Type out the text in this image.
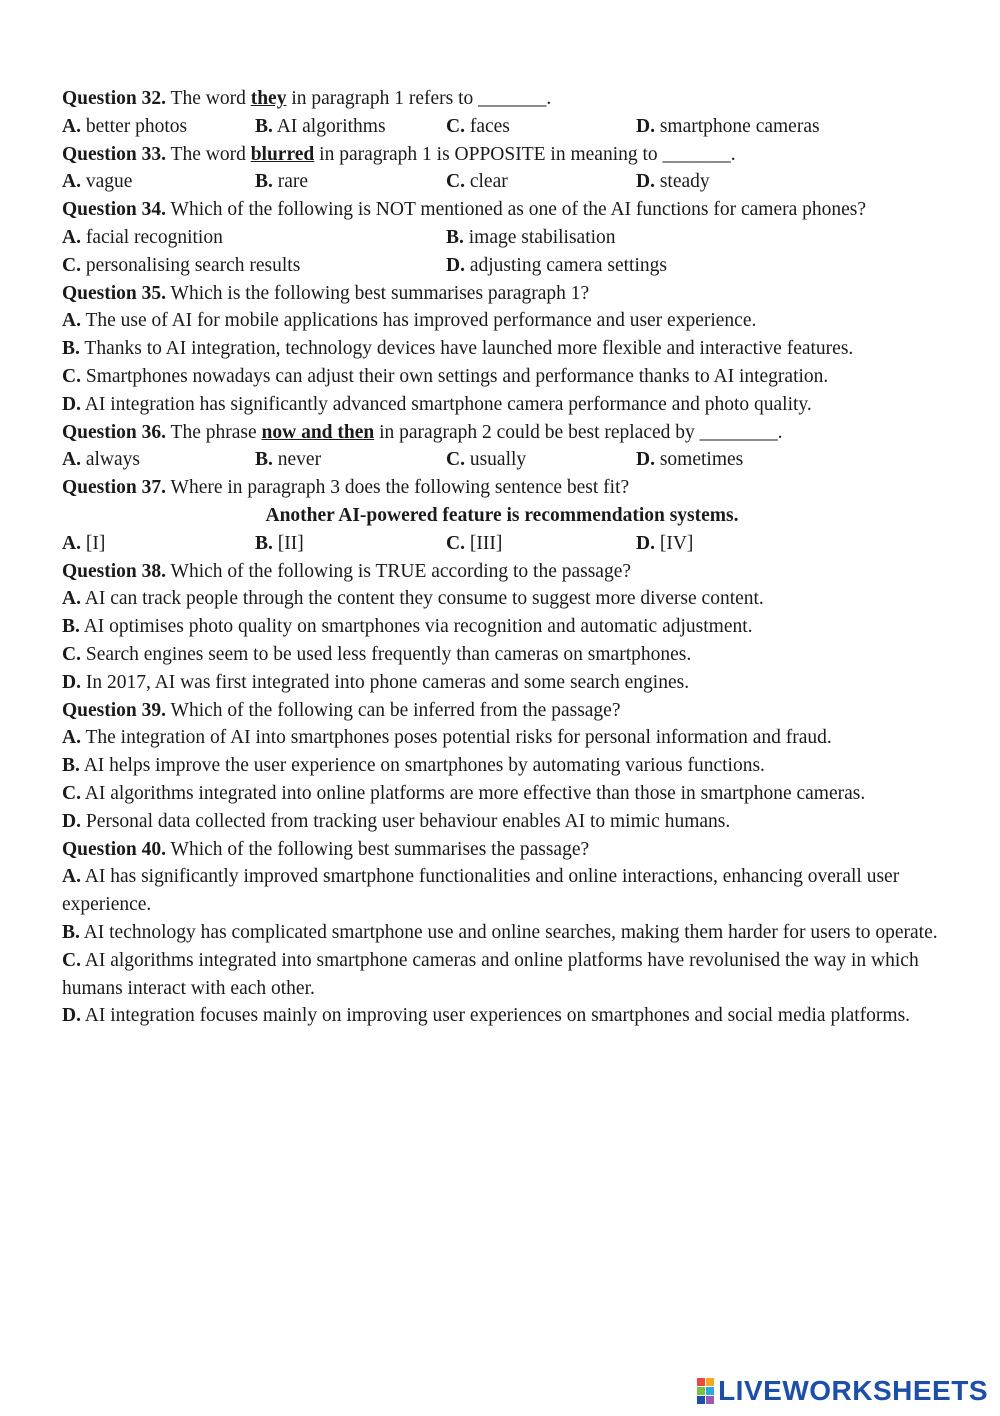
Question 32. The word they in paragraph 1 refers to _______.
A. better photos	B. AI algorithms	C. faces	D. smartphone cameras
Question 33. The word blurred in paragraph 1 is OPPOSITE in meaning to _______.
A. vague	B. rare	C. clear	D. steady
Question 34. Which of the following is NOT mentioned as one of the AI functions for camera phones?
A. facial recognition	B. image stabilisation
C. personalising search results	D. adjusting camera settings
Question 35. Which is the following best summarises paragraph 1?
A. The use of AI for mobile applications has improved performance and user experience.
B. Thanks to AI integration, technology devices have launched more flexible and interactive features.
C. Smartphones nowadays can adjust their own settings and performance thanks to AI integration.
D. AI integration has significantly advanced smartphone camera performance and photo quality.
Question 36. The phrase now and then in paragraph 2 could be best replaced by ________.
A. always	B. never	C. usually	D. sometimes
Question 37. Where in paragraph 3 does the following sentence best fit?
Another AI-powered feature is recommendation systems.
A. [I]	B. [II]	C. [III]	D. [IV]
Question 38. Which of the following is TRUE according to the passage?
A. AI can track people through the content they consume to suggest more diverse content.
B. AI optimises photo quality on smartphones via recognition and automatic adjustment.
C. Search engines seem to be used less frequently than cameras on smartphones.
D. In 2017, AI was first integrated into phone cameras and some search engines.
Question 39. Which of the following can be inferred from the passage?
A. The integration of AI into smartphones poses potential risks for personal information and fraud.
B. AI helps improve the user experience on smartphones by automating various functions.
C. AI algorithms integrated into online platforms are more effective than those in smartphone cameras.
D. Personal data collected from tracking user behaviour enables AI to mimic humans.
Question 40. Which of the following best summarises the passage?
A. AI has significantly improved smartphone functionalities and online interactions, enhancing overall user experience.
B. AI technology has complicated smartphone use and online searches, making them harder for users to operate.
C. AI algorithms integrated into smartphone cameras and online platforms have revolunised the way in which humans interact with each other.
D. AI integration focuses mainly on improving user experiences on smartphones and social media platforms.
LIVEWORKSHEETS
